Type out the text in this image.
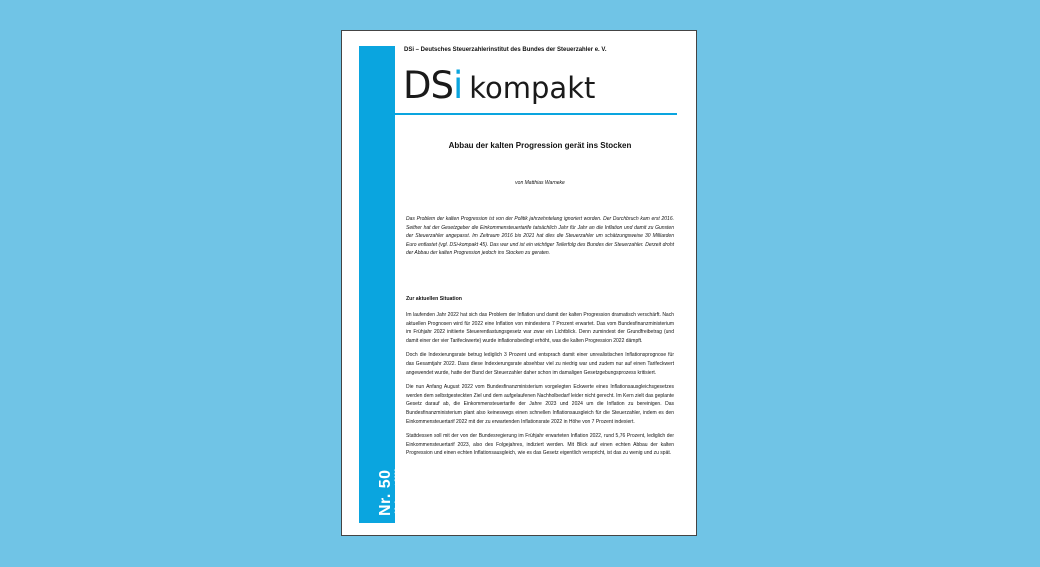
Nr. 50 16. August 2022
DSi – Deutsches Steuerzahlerinstitut des Bundes der Steuerzahler e. V.
DSi kompakt
Abbau der kalten Progression gerät ins Stocken
von Matthias Warneke
Das Problem der kalten Progression ist von der Politik jahrzehntelang ignoriert worden. Der Durchbruch kam erst 2016. Seither hat der Gesetzgeber die Einkommensteuertarife tatsächlich Jahr für Jahr an die Inflation und damit zu Gunsten der Steuerzahler angepasst. Im Zeitraum 2016 bis 2021 hat dies die Steuerzahler um schätzungsweise 30 Milliarden Euro entlastet (vgl. DSi-kompakt 45). Das war und ist ein wichtiger Teilerfolg des Bundes der Steuerzahler. Derzeit droht der Abbau der kalten Progression jedoch ins Stocken zu geraten.
Zur aktuellen Situation

Im laufenden Jahr 2022 hat sich das Problem der Inflation und damit der kalten Progression dramatisch verschärft. Nach aktuellen Prognosen wird für 2022 eine Inflation von mindestens 7 Prozent erwartet. Das vom Bundesfinanzministerium im Frühjahr 2022 initiierte Steuerentlastungsgesetz war zwar ein Lichtblick. Denn zumindest der Grundfreibetrag (und damit einer der vier Tarifeckwerte) wurde inflationsbedingt erhöht, was die kalten Progression 2022 dämpft.

Doch die Indexierungsrate betrug lediglich 3 Prozent und entsprach damit einer unrealistischen Inflationsprognose für das Gesamtjahr 2022. Dass diese Indexierungsrate absehbar viel zu niedrig war und zudem nur auf einen Tarifeckwert angewendet wurde, hatte der Bund der Steuerzahler daher schon im damaligen Gesetzgebungsprozess kritisiert.

Die nun Anfang August 2022 vom Bundesfinanzministerium vorgelegten Eckwerte eines Inflationsausgleichsgesetzes werden dem selbstgesteckten Ziel und dem aufgelaufenen Nachholbedarf leider nicht gerecht. Im Kern zielt das geplante Gesetz darauf ab, die Einkommensteuertarife der Jahre 2023 und 2024 um die Inflation zu bereinigen. Das Bundesfinanzministerium plant also keineswegs einen schnellen Inflationsausgleich für die Steuerzahler, indem es den Einkommensteuertarif 2022 mit der zu erwartenden Inflationsrate 2022 in Höhe von 7 Prozent indexiert.

Stattdessen soll mit der von der Bundesregierung im Frühjahr erwarteten Inflation 2022, rund 5,76 Prozent, lediglich der Einkommensteuertarif 2023, also des Folgejahres, indiziert werden. Mit Blick auf einen echten Abbau der kalten Progression und einen echten Inflationsausgleich, wie es das Gesetz eigentlich verspricht, ist das zu wenig und zu spät.
